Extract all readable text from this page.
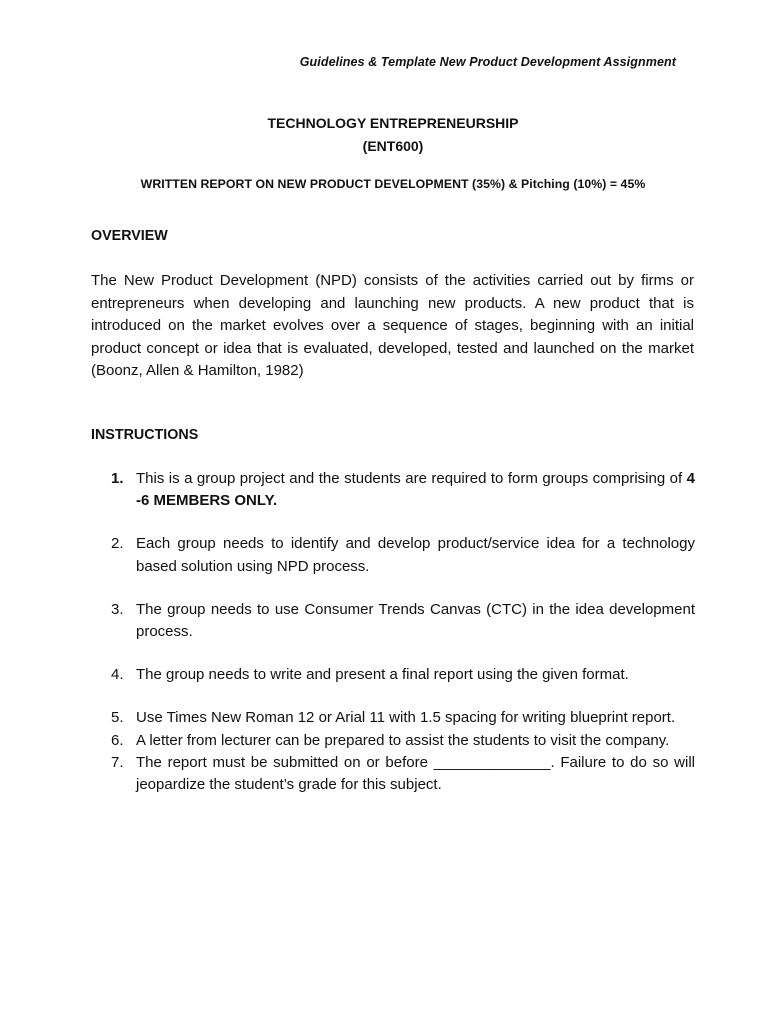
Guidelines & Template New Product Development Assignment
TECHNOLOGY ENTREPRENEURSHIP
(ENT600)
WRITTEN REPORT ON NEW PRODUCT DEVELOPMENT (35%) & Pitching (10%) = 45%
OVERVIEW

The New Product Development (NPD) consists of the activities carried out by firms or entrepreneurs when developing and launching new products. A new product that is introduced on the market evolves over a sequence of stages, beginning with an initial product concept or idea that is evaluated, developed, tested and launched on the market (Boonz, Allen & Hamilton, 1982)

INSTRUCTIONS
1. This is a group project and the students are required to form groups comprising of 4 -6 MEMBERS ONLY.
2. Each group needs to identify and develop product/service idea for a technology based solution using NPD process.
3. The group needs to use Consumer Trends Canvas (CTC) in the idea development process.
4. The group needs to write and present a final report using the given format.
5. Use Times New Roman 12 or Arial 11 with 1.5 spacing for writing blueprint report.
6. A letter from lecturer can be prepared to assist the students to visit the company.
7. The report must be submitted on or before ______________. Failure to do so will jeopardize the student’s grade for this subject.
